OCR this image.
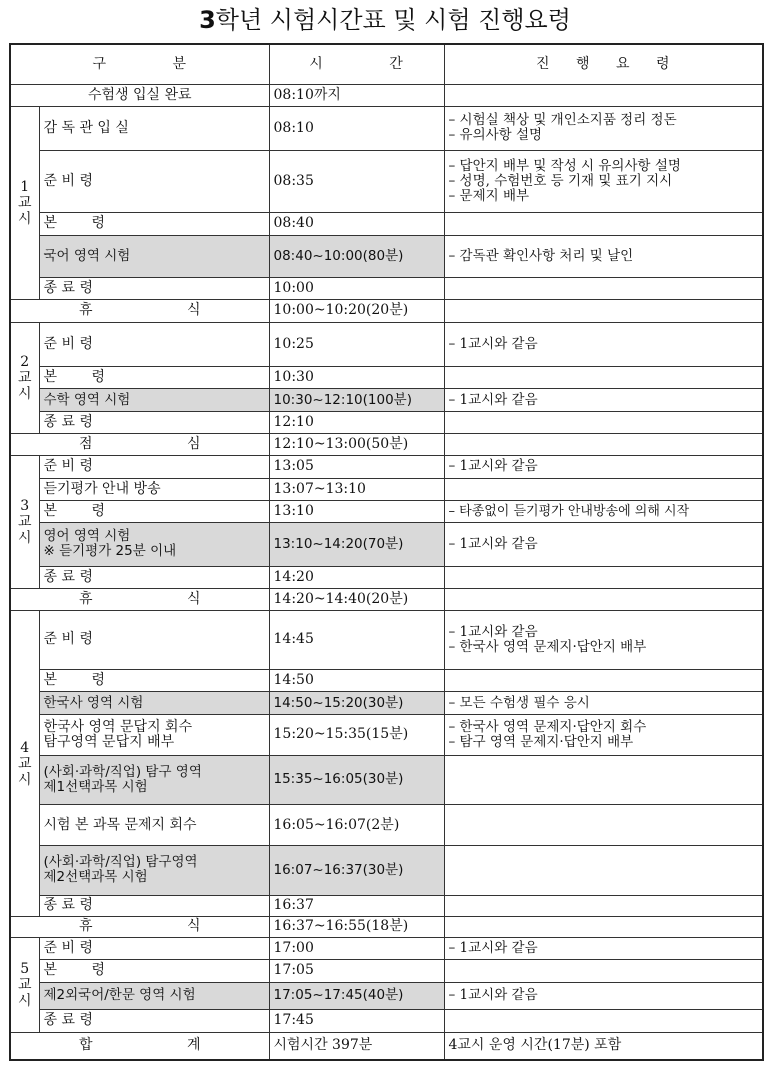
3학년 시험시간표 및 시험 진행요령
구 분		시 간	진 행 요 령
수험생 입실 완료		08:10까지	
1
교
시	감 독 관 입 실	08:10	– 시험실 책상 및 개인소지품 정리 정돈
– 유의사항 설명
	준 비 령	08:35	– 답안지 배부 및 작성 시 유의사항 설명
– 성명, 수험번호 등 기재 및 표기 지시
– 문제지 배부
	본 령	08:40	
	국어 영역 시험	08:40~10:00(80분)	– 감독관 확인사항 처리 및 날인
	종 료 령	10:00	
휴 식		10:00~10:20(20분)	
2
교
시	준 비 령	10:25	– 1교시와 같음
	본 령	10:30	
	수학 영역 시험	10:30~12:10(100분)	– 1교시와 같음
	종 료 령	12:10	
점 심		12:10~13:00(50분)	
3
교
시	준 비 령	13:05	– 1교시와 같음
	듣기평가 안내 방송	13:07~13:10	
	본 령	13:10	– 타종없이 듣기평가 안내방송에 의해 시작
	영어 영역 시험
※ 듣기평가 25분 이내	13:10~14:20(70분)	– 1교시와 같음
	종 료 령	14:20	
휴 식		14:20~14:40(20분)	
4
교
시	준 비 령	14:45	– 1교시와 같음
– 한국사 영역 문제지·답안지 배부
	본 령	14:50	
	한국사 영역 시험	14:50~15:20(30분)	– 모든 수험생 필수 응시
	한국사 영역 문답지 회수
탐구영역 문답지 배부	15:20~15:35(15분)	– 한국사 영역 문제지·답안지 회수
– 탐구 영역 문제지·답안지 배부
	(사회·과학/직업) 탐구 영역
제1선택과목 시험	15:35~16:05(30분)	
	시험 본 과목 문제지 회수	16:05~16:07(2분)	
	(사회·과학/직업) 탐구영역
제2선택과목 시험	16:07~16:37(30분)	
	종 료 령	16:37	
휴 식		16:37~16:55(18분)	
5
교
시	준 비 령	17:00	– 1교시와 같음
	본 령	17:05	
	제2외국어/한문 영역 시험	17:05~17:45(40분)	– 1교시와 같음
	종 료 령	17:45	
합 계		시험시간 397분	4교시 운영 시간(17분) 포함
